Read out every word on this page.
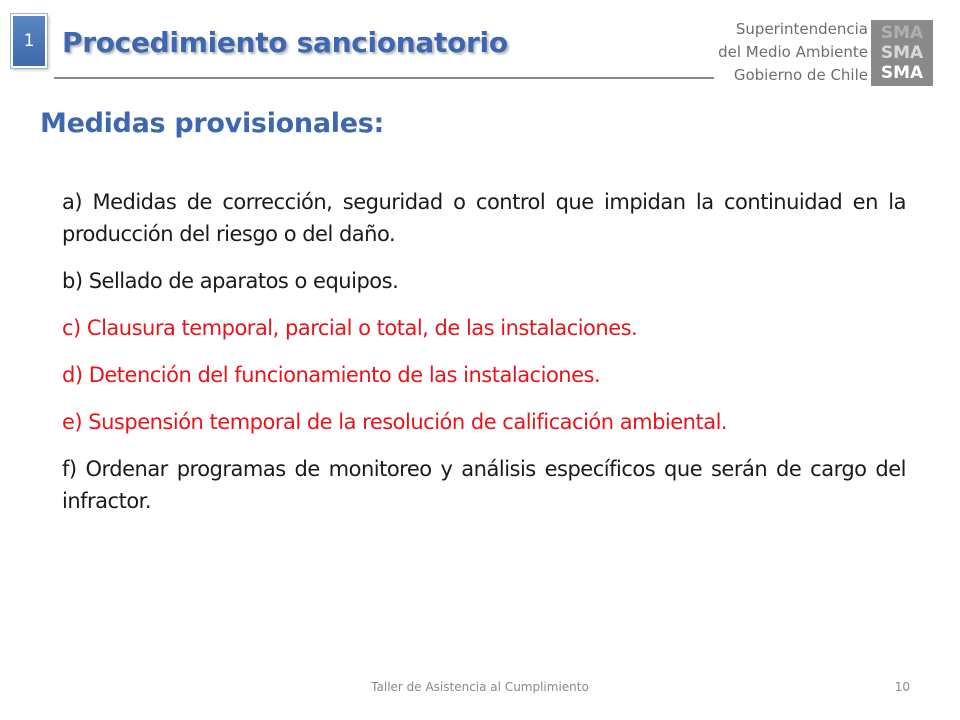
1 Procedimiento sancionatorio	Superintendencia
del Medio Ambiente
Gobierno de Chile
SMA
SMA
SMA
Medidas provisionales:
a) Medidas de corrección, seguridad o control que impidan la continuidad en la producción del riesgo o del daño.
b) Sellado de aparatos o equipos.
c) Clausura temporal, parcial o total, de las instalaciones.
d) Detención del funcionamiento de las instalaciones.
e) Suspensión temporal de la resolución de calificación ambiental.
f) Ordenar programas de monitoreo y análisis específicos que serán de cargo del infractor.
Taller de Asistencia al Cumplimiento	10
